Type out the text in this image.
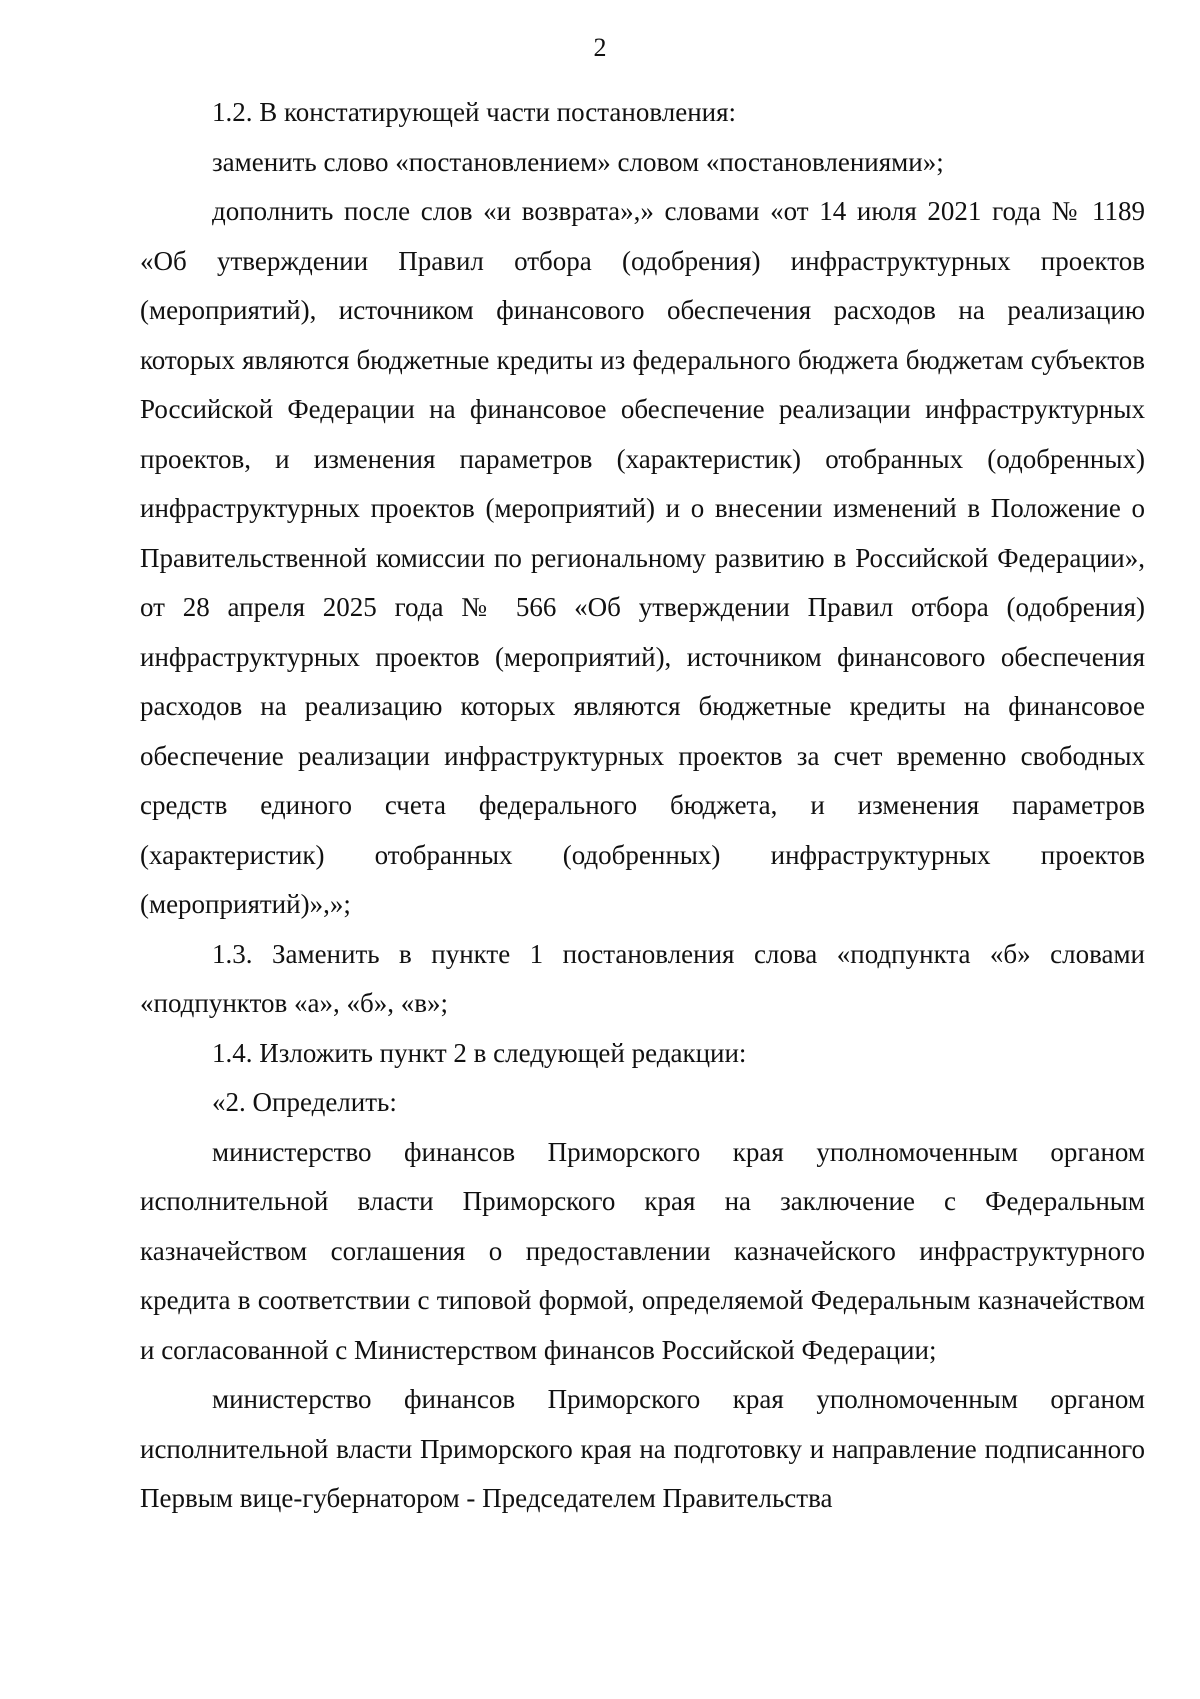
2

1.2. В констатирующей части постановления:

заменить слово «постановлением» словом «постановлениями»;

дополнить после слов «и возврата»,» словами «от 14 июля 2021 года № 1189 «Об утверждении Правил отбора (одобрения) инфраструктурных проектов (мероприятий), источником финансового обеспечения расходов на реализацию которых являются бюджетные кредиты из федерального бюджета бюджетам субъектов Российской Федерации на финансовое обеспечение реализации инфраструктурных проектов, и изменения параметров (характеристик) отобранных (одобренных) инфраструктурных проектов (мероприятий) и о внесении изменений в Положение о Правительственной комиссии по региональному развитию в Российской Федерации», от 28 апреля 2025 года № 566 «Об утверждении Правил отбора (одобрения) инфраструктурных проектов (мероприятий), источником финансового обеспечения расходов на реализацию которых являются бюджетные кредиты на финансовое обеспечение реализации инфраструктурных проектов за счет временно свободных средств единого счета федерального бюджета, и изменения параметров (характеристик) отобранных (одобренных) инфраструктурных проектов (мероприятий)»,»;

1.3. Заменить в пункте 1 постановления слова «подпункта «б» словами «подпунктов «а», «б», «в»;

1.4. Изложить пункт 2 в следующей редакции:

«2. Определить:

министерство финансов Приморского края уполномоченным органом исполнительной власти Приморского края на заключение с Федеральным казначейством соглашения о предоставлении казначейского инфраструктурного кредита в соответствии с типовой формой, определяемой Федеральным казначейством и согласованной с Министерством финансов Российской Федерации;

министерство финансов Приморского края уполномоченным органом исполнительной власти Приморского края на подготовку и направление подписанного Первым вице-губернатором - Председателем Правительства
